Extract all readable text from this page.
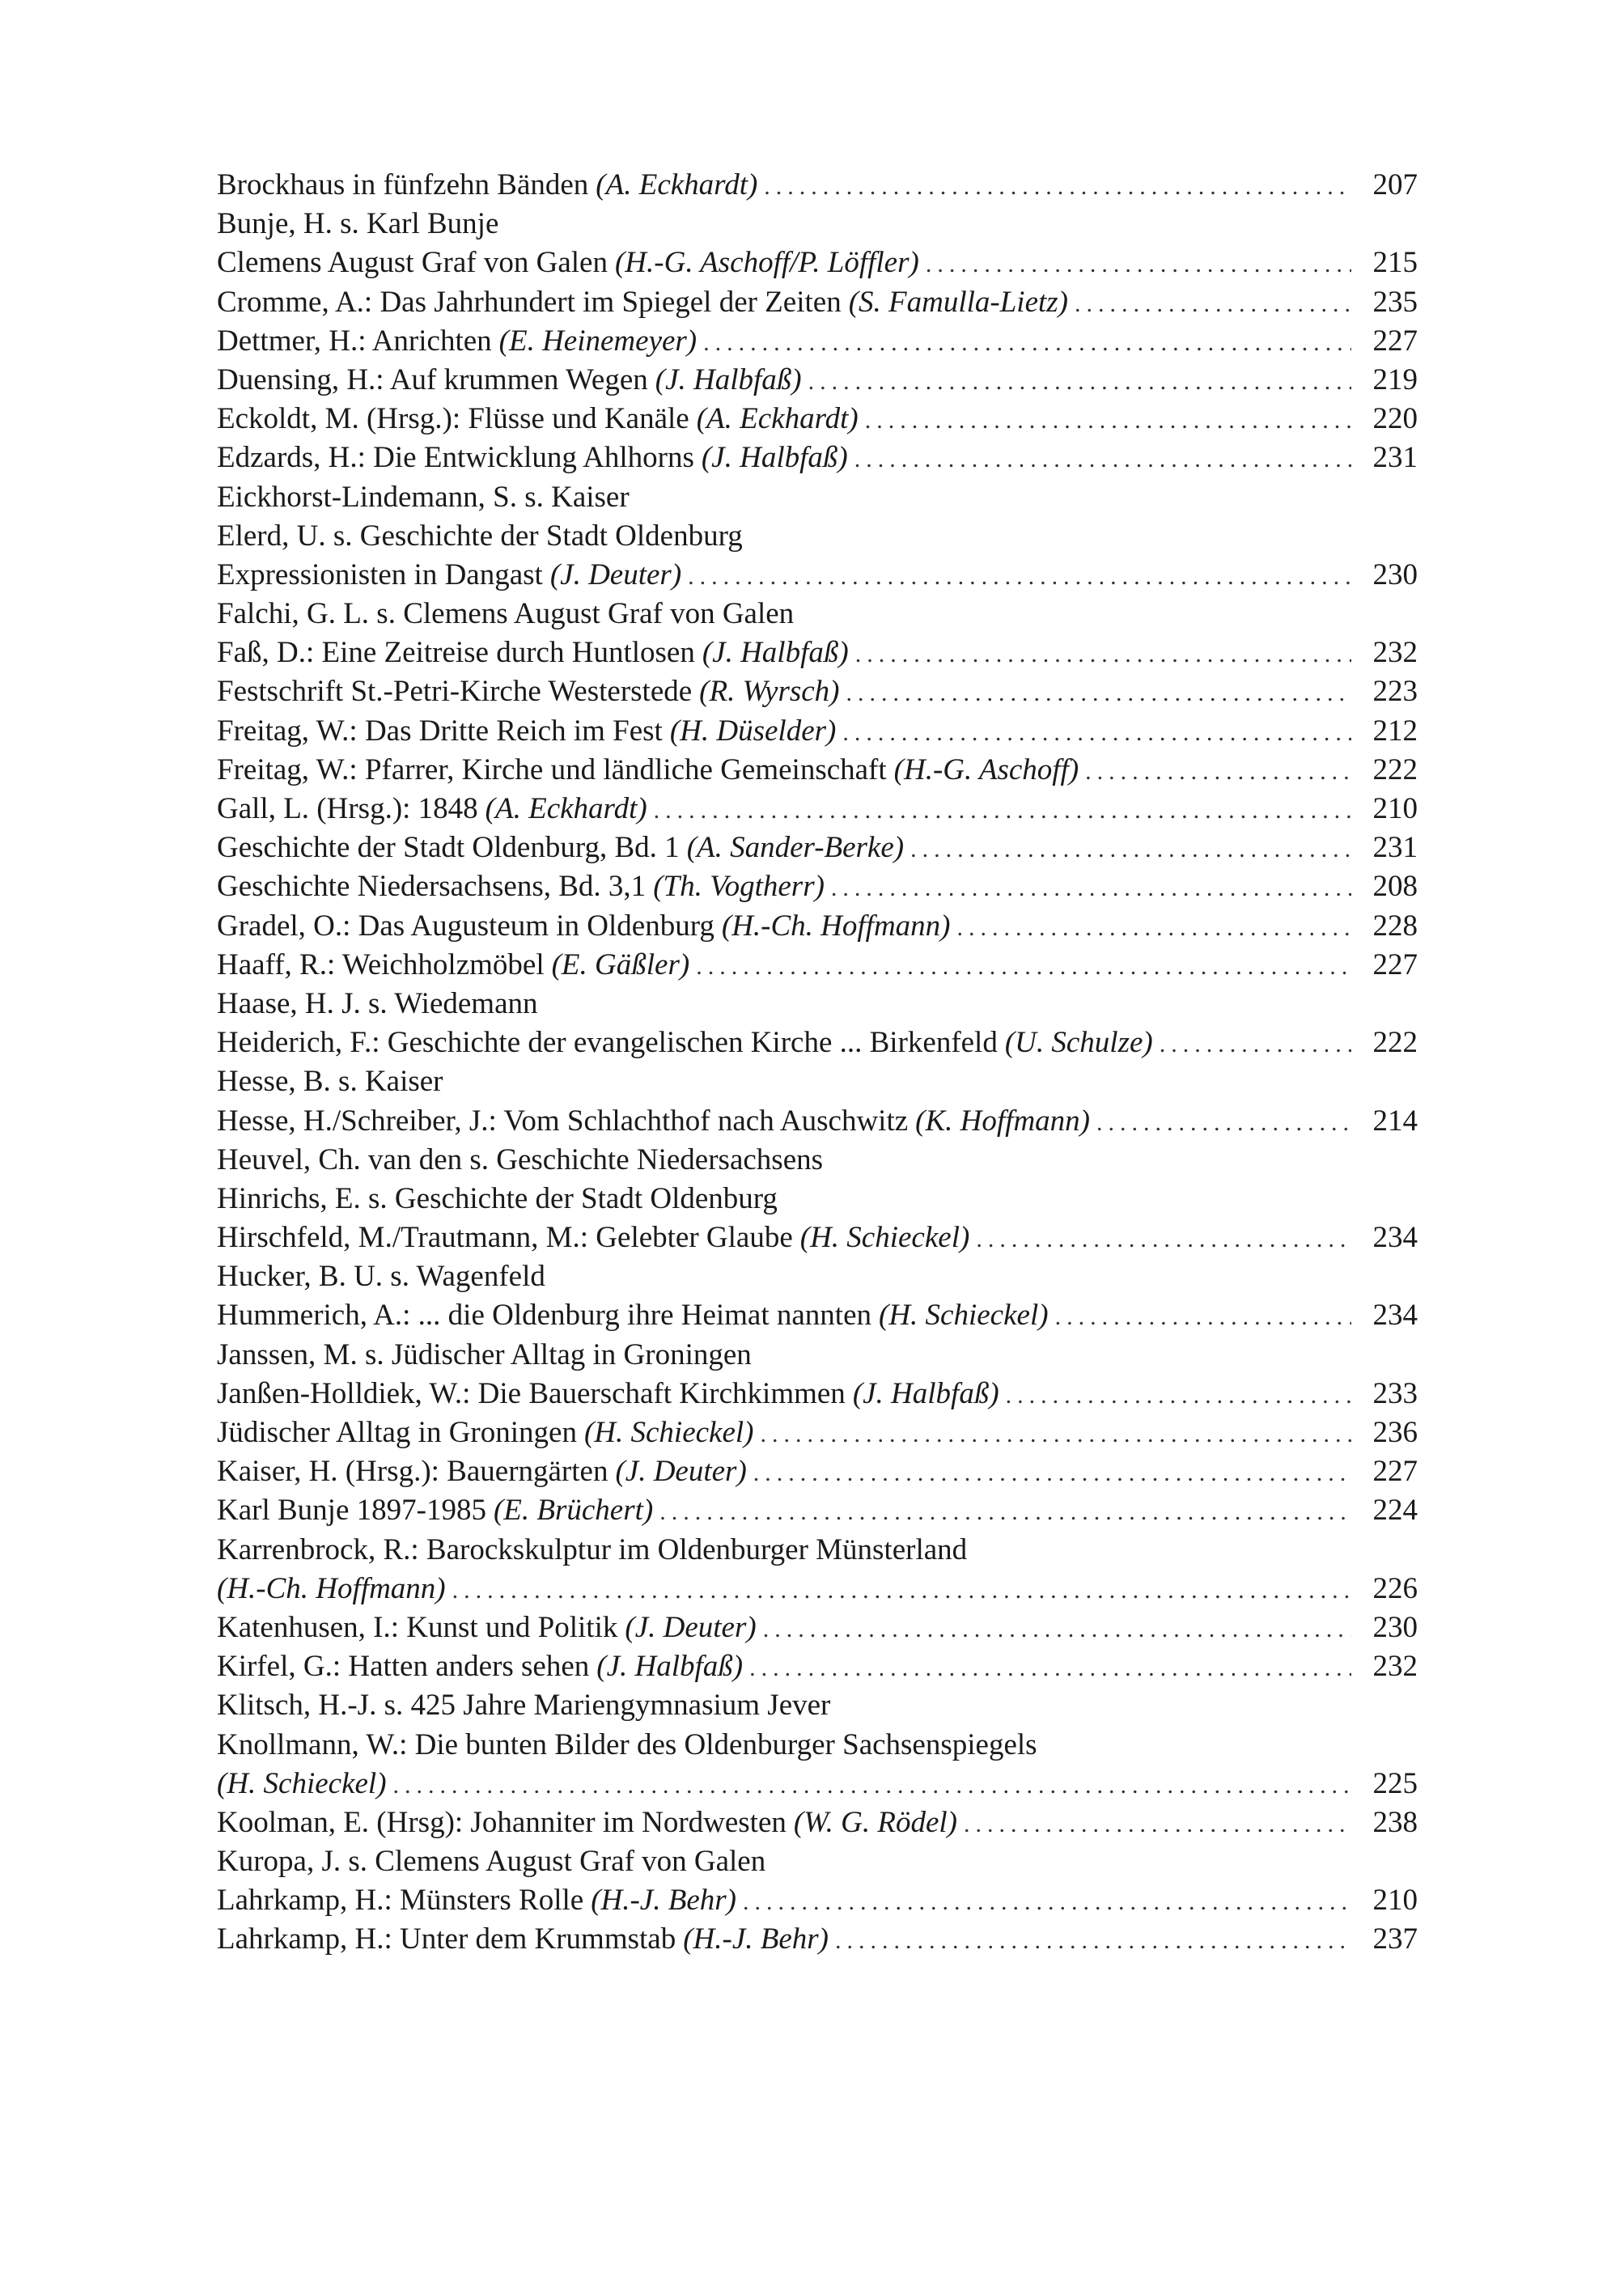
Brockhaus in fünfzehn Bänden (A. Eckhardt) .....	207
Bunje, H. s. Karl Bunje
Clemens August Graf von Galen (H.-G. Aschoff/P. Löffler) .....	215
Cromme, A.: Das Jahrhundert im Spiegel der Zeiten (S. Famulla-Lietz) .....	235
Dettmer, H.: Anrichten (E. Heinemeyer) .....	227
Duensing, H.: Auf krummen Wegen (J. Halbfaß) .....	219
Eckoldt, M. (Hrsg.): Flüsse und Kanäle (A. Eckhardt) .....	220
Edzards, H.: Die Entwicklung Ahlhorns (J. Halbfaß) .....	231
Eickhorst-Lindemann, S. s. Kaiser
Elerd, U. s. Geschichte der Stadt Oldenburg
Expressionisten in Dangast (J. Deuter) .....	230
Falchi, G. L. s. Clemens August Graf von Galen
Faß, D.: Eine Zeitreise durch Huntlosen (J. Halbfaß) .....	232
Festschrift St.-Petri-Kirche Westerstede (R. Wyrsch) .....	223
Freitag, W.: Das Dritte Reich im Fest (H. Düselder) .....	212
Freitag, W.: Pfarrer, Kirche und ländliche Gemeinschaft (H.-G. Aschoff) .....	222
Gall, L. (Hrsg.): 1848 (A. Eckhardt) .....	210
Geschichte der Stadt Oldenburg, Bd. 1 (A. Sander-Berke) .....	231
Geschichte Niedersachsens, Bd. 3,1 (Th. Vogtherr) .....	208
Gradel, O.: Das Augusteum in Oldenburg (H.-Ch. Hoffmann) .....	228
Haaff, R.: Weichholzmöbel (E. Gäßler) .....	227
Haase, H. J. s. Wiedemann
Heiderich, F.: Geschichte der evangelischen Kirche ... Birkenfeld (U. Schulze) .....	222
Hesse, B. s. Kaiser
Hesse, H./Schreiber, J.: Vom Schlachthof nach Auschwitz (K. Hoffmann) .....	214
Heuvel, Ch. van den s. Geschichte Niedersachsens
Hinrichs, E. s. Geschichte der Stadt Oldenburg
Hirschfeld, M./Trautmann, M.: Gelebter Glaube (H. Schieckel) .....	234
Hucker, B. U. s. Wagenfeld
Hummerich, A.: ... die Oldenburg ihre Heimat nannten (H. Schieckel) .....	234
Janssen, M. s. Jüdischer Alltag in Groningen
Janßen-Holldiek, W.: Die Bauerschaft Kirchkimmen (J. Halbfaß) .....	233
Jüdischer Alltag in Groningen (H. Schieckel) .....	236
Kaiser, H. (Hrsg.): Bauerngärten (J. Deuter) .....	227
Karl Bunje 1897-1985 (E. Brüchert) .....	224
Karrenbrock, R.: Barockskulptur im Oldenburger Münsterland
(H.-Ch. Hoffmann) .....	226
Katenhusen, I.: Kunst und Politik (J. Deuter) .....	230
Kirfel, G.: Hatten anders sehen (J. Halbfaß) .....	232
Klitsch, H.-J. s. 425 Jahre Mariengymnasium Jever
Knollmann, W.: Die bunten Bilder des Oldenburger Sachsenspiegels
(H. Schieckel) .....	225
Koolman, E. (Hrsg): Johanniter im Nordwesten (W. G. Rödel) .....	238
Kuropa, J. s. Clemens August Graf von Galen
Lahrkamp, H.: Münsters Rolle (H.-J. Behr) .....	210
Lahrkamp, H.: Unter dem Krummstab (H.-J. Behr) .....	237
